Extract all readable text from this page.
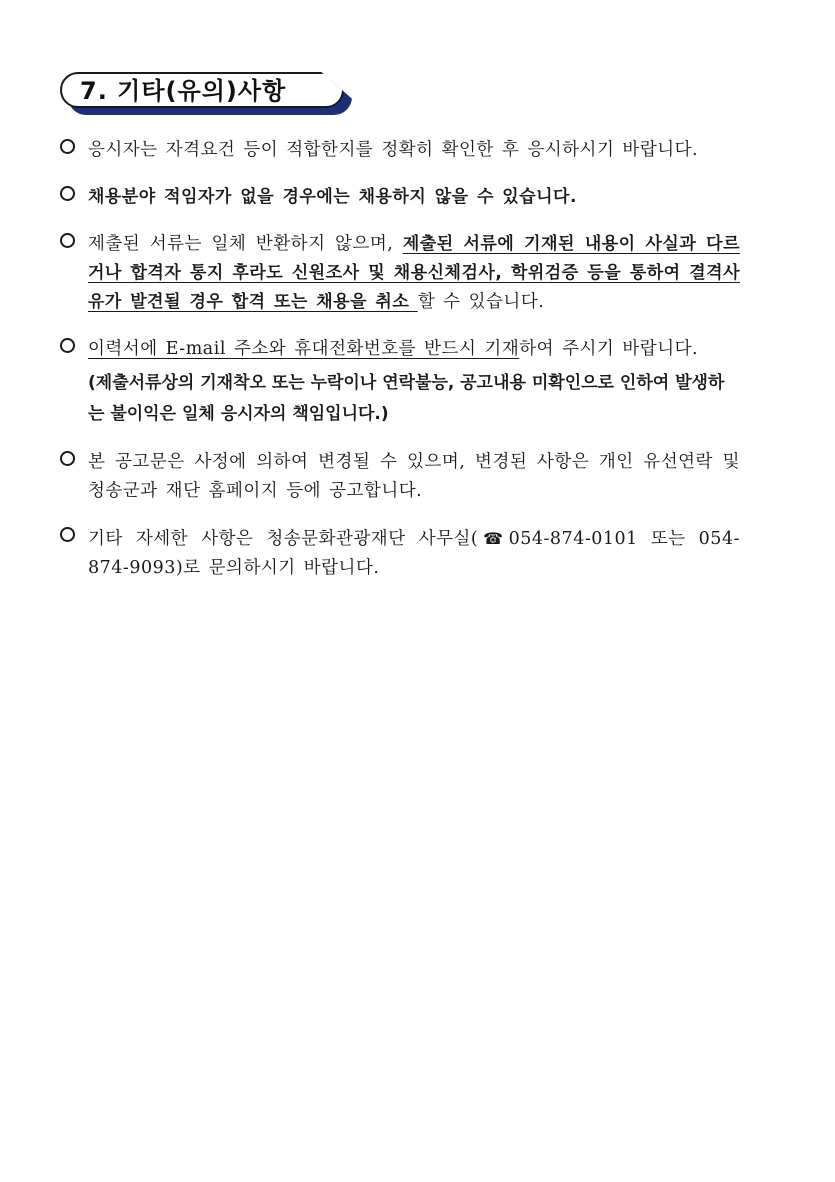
7. 기타(유의)사항
응시자는 자격요건 등이 적합한지를 정확히 확인한 후 응시하시기 바랍니다.
채용분야 적임자가 없을 경우에는 채용하지 않을 수 있습니다.
제출된 서류는 일체 반환하지 않으며, 제출된 서류에 기재된 내용이 사실과 다르거나 합격자 통지 후라도 신원조사 및 채용신체검사, 학위검증 등을 통하여 결격사유가 발견될 경우 합격 또는 채용을 취소 할 수 있습니다.
이력서에 E-mail 주소와 휴대전화번호를 반드시 기재하여 주시기 바랍니다.
(제출서류상의 기재착오 또는 누락이나 연락불능, 공고내용 미확인으로 인하여 발생하는 불이익은 일체 응시자의 책임입니다.)
본 공고문은 사정에 의하여 변경될 수 있으며, 변경된 사항은 개인 유선연락 및 청송군과 재단 홈페이지 등에 공고합니다.
기타 자세한 사항은 청송문화관광재단 사무실(☎054-874-0101 또는 054-874-9093)로 문의하시기 바랍니다.
